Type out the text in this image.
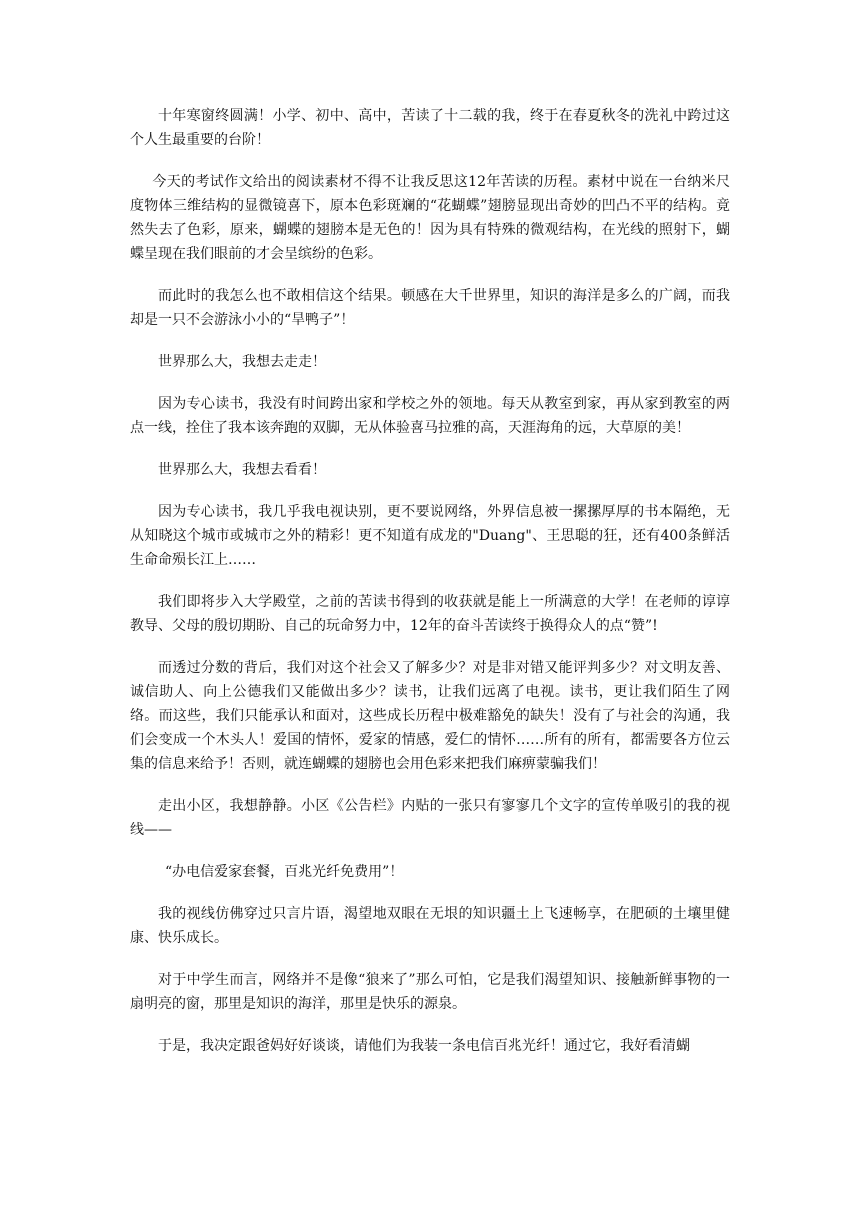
十年寒窗终圆满！小学、初中、高中，苦读了十二载的我，终于在春夏秋冬的洗礼中跨过这个人生最重要的台阶！

今天的考试作文给出的阅读素材不得不让我反思这12年苦读的历程。素材中说在一台纳米尺度物体三维结构的显微镜喜下，原本色彩斑斓的“花蝴蝶”翅膀显现出奇妙的凹凸不平的结构。竟然失去了色彩，原来，蝴蝶的翅膀本是无色的！因为具有特殊的微观结构，在光线的照射下，蝴蝶呈现在我们眼前的才会呈缤纷的色彩。

而此时的我怎么也不敢相信这个结果。顿感在大千世界里，知识的海洋是多么的广阔，而我却是一只不会游泳小小的“旱鸭子”！

世界那么大，我想去走走！

因为专心读书，我没有时间跨出家和学校之外的领地。每天从教室到家，再从家到教室的两点一线，拴住了我本该奔跑的双脚，无从体验喜马拉雅的高，天涯海角的远，大草原的美！

世界那么大，我想去看看！

因为专心读书，我几乎我电视诀别，更不要说网络，外界信息被一摞摞厚厚的书本隔绝，无从知晓这个城市或城市之外的精彩！更不知道有成龙的"Duang"、王思聪的狂，还有400条鲜活生命命殒长江上……

我们即将步入大学殿堂，之前的苦读书得到的收获就是能上一所满意的大学！在老师的谆谆教导、父母的殷切期盼、自己的玩命努力中，12年的奋斗苦读终于换得众人的点“赞”!

而透过分数的背后，我们对这个社会又了解多少？对是非对错又能评判多少？对文明友善、诚信助人、向上公德我们又能做出多少？读书，让我们远离了电视。读书，更让我们陌生了网络。而这些，我们只能承认和面对，这些成长历程中极难豁免的缺失！没有了与社会的沟通，我们会变成一个木头人！爱国的情怀，爱家的情感，爱仁的情怀……所有的所有，都需要各方位云集的信息来给予！否则，就连蝴蝶的翅膀也会用色彩来把我们麻痹蒙骗我们！

走出小区，我想静静。小区《公告栏》内贴的一张只有寥寥几个文字的宣传单吸引的我的视线——

“办电信爱家套餐，百兆光纤免费用”！

我的视线仿佛穿过只言片语，渴望地双眼在无垠的知识疆土上飞速畅享，在肥硕的土壤里健康、快乐成长。

对于中学生而言，网络并不是像“狼来了”那么可怕，它是我们渴望知识、接触新鲜事物的一扇明亮的窗，那里是知识的海洋，那里是快乐的源泉。

于是，我决定跟爸妈好好谈谈，请他们为我装一条电信百兆光纤！通过它，我好看清蝴
